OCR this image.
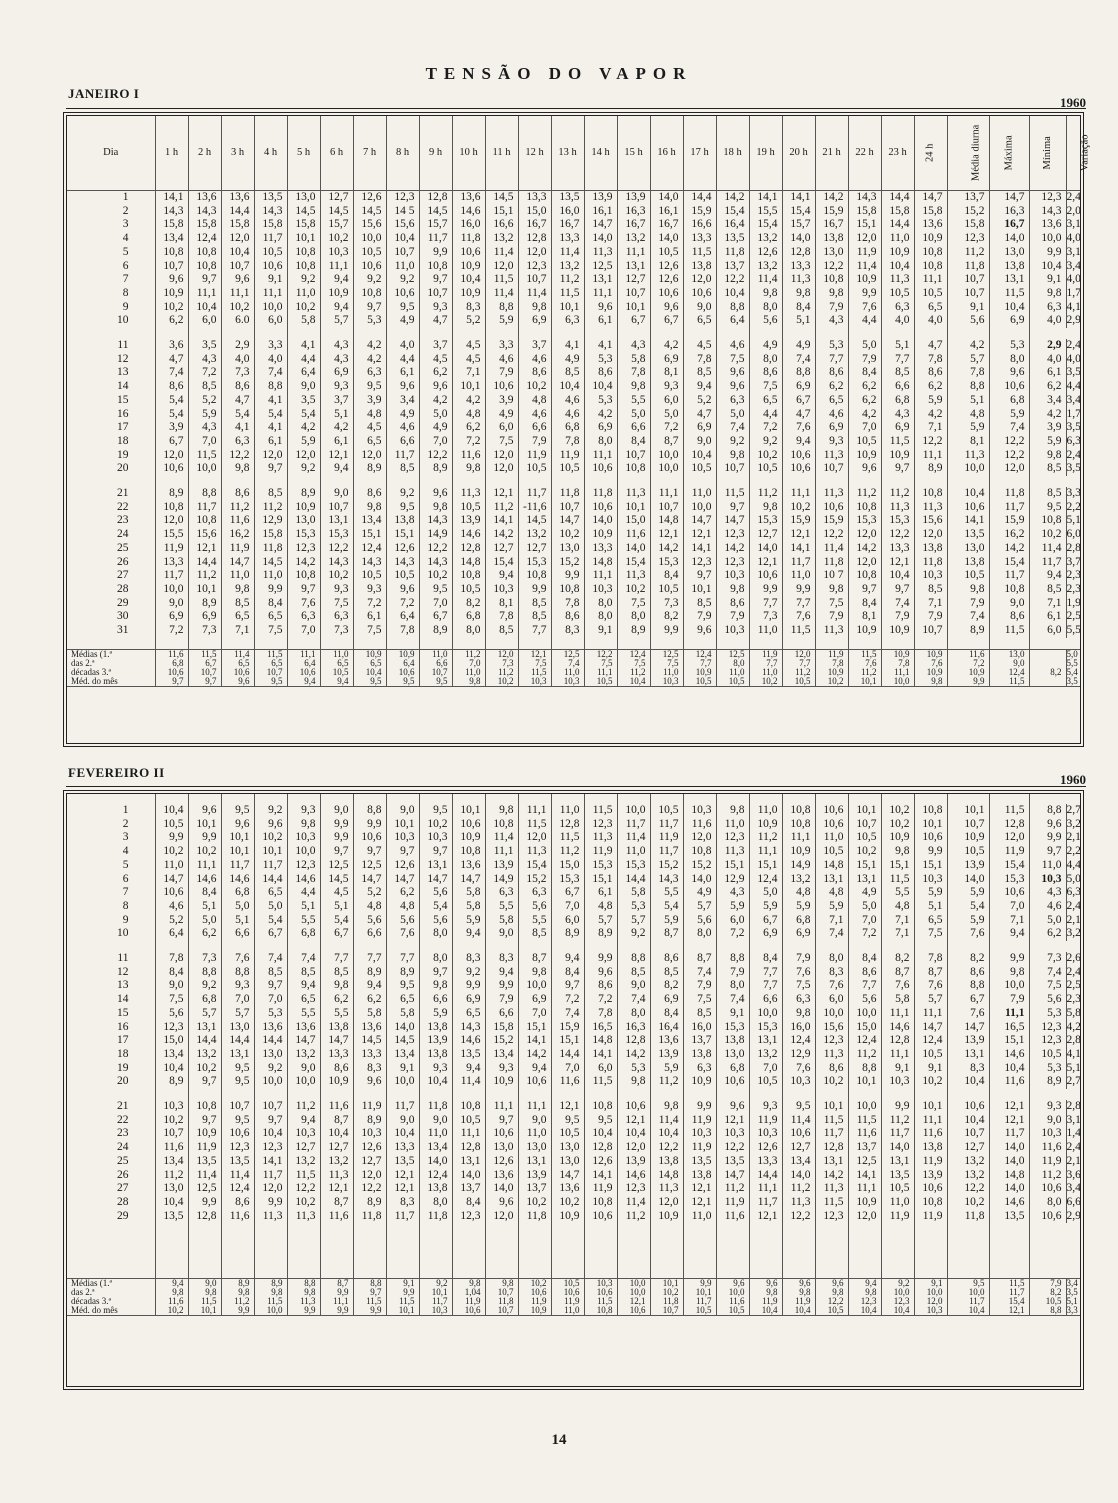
TENSÃO DO VAPOR
JANEIRO I
1960
Dia	1 h	2 h	3 h	4 h	5 h	6 h	7 h	8 h	9 h	10 h	11 h	12 h	13 h	14 h	15 h	16 h	17 h	18 h	19 h	20 h	21 h	22 h	23 h	24 h	Média diurna	Máxima	Mínima	Variação
1	14,1	13,6	13,6	13,5	13,0	12,7	12,6	12,3	12,8	13,6	14,5	13,3	13,5	13,9	13,9	14,0	14,4	14,2	14,1	14,1	14,2	14,3	14,4	14,7	13,7	14,7	12,3	2,4
2	14,3	14,3	14,4	14,3	14,5	14,5	14,5	14 5	14,5	14,6	15,1	15,0	16,0	16,1	16,3	16,1	15,9	15,4	15,5	15,4	15,9	15,8	15,8	15,8	15,2	16,3	14,3	2,0
3	15,8	15,8	15,8	15,8	15,8	15,7	15,6	15,6	15,7	16,0	16,6	16,7	16,7	14,7	16,7	16,7	16,6	16,4	15,4	15,7	16,7	15,1	14,4	13,6	15,8	16,7	13,6	3,1
4	13,4	12,4	12,0	11,7	10,1	10,2	10,0	10,4	11,7	11,8	13,2	12,8	13,3	14,0	13,2	14,0	13,3	13,5	13,2	14,0	13,8	12,0	11,0	10,9	12,3	14,0	10,0	4,0
5	10,8	10,8	10,4	10,5	10,8	10,3	10,5	10,7	9,9	10,6	11,4	12,0	11,4	11,3	11,1	10,5	11,5	11,8	12,6	12,8	13,0	11,9	10,9	10,8	11,2	13,0	9,9	3,1
6	10,7	10,8	10,7	10,6	10,8	11,1	10,6	11,0	10,8	10,9	12,0	12,3	13,2	12,5	13,1	12,6	13,8	13,7	13,2	13,3	12,2	11,4	10,4	10,8	11,8	13,8	10,4	3,4
7	9,6	9,7	9,6	9,1	9,2	9,4	9,2	9,2	9,7	10,4	11,5	10,7	11,2	13,1	12,7	12,6	12,0	12,2	11,4	11,3	10,8	10,9	11,3	11,1	10,7	13,1	9,1	4,0
8	10,9	11,1	11,1	11,1	11,0	10,9	10,8	10,6	10,7	10,9	11,4	11,4	11,5	11,1	10,7	10,6	10,6	10,4	9,8	9,8	9,8	9,9	10,5	10,5	10,7	11,5	9,8	1,7
9	10,2	10,4	10,2	10,0	10,2	9,4	9,7	9,5	9,3	8,3	8,8	9,8	10,1	9,6	10,1	9,6	9,0	8,8	8,0	8,4	7,9	7,6	6,3	6,5	9,1	10,4	6,3	4,1
10	6,2	6,0	6.0	6,0	5,8	5,7	5,3	4,9	4,7	5,2	5,9	6,9	6,3	6,1	6,7	6,7	6,5	6,4	5,6	5,1	4,3	4,4	4,0	4,0	5,6	6,9	4,0	2,9

11	3,6	3,5	2,9	3,3	4,1	4,3	4,2	4,0	3,7	4,5	3,3	3,7	4,1	4,1	4,3	4,2	4,5	4,6	4,9	4,9	5,3	5,0	5,1	4,7	4,2	5,3	2,9	2,4
12	4,7	4,3	4,0	4,0	4,4	4,3	4,2	4,4	4,5	4,5	4,6	4,6	4,9	5,3	5,8	6,9	7,8	7,5	8,0	7,4	7,7	7,9	7,7	7,8	5,7	8,0	4,0	4,0
13	7,4	7,2	7,3	7,4	6,4	6,9	6,3	6,1	6,2	7,1	7,9	8,6	8,5	8,6	7,8	8,1	8,5	9,6	8,6	8,8	8,6	8,4	8,5	8,6	7,8	9,6	6,1	3,5
14	8,6	8,5	8,6	8,8	9,0	9,3	9,5	9,6	9,6	10,1	10,6	10,2	10,4	10,4	9,8	9,3	9,4	9,6	7,5	6,9	6,2	6,2	6,6	6,2	8,8	10,6	6,2	4,4
15	5,4	5,2	4,7	4,1	3,5	3,7	3,9	3,4	4,2	4,2	3,9	4,8	4,6	5,3	5,5	6,0	5,2	6,3	6,5	6,7	6,5	6,2	6,8	5,9	5,1	6,8	3,4	3,4
16	5,4	5,9	5,4	5,4	5,4	5,1	4,8	4,9	5,0	4,8	4,9	4,6	4,6	4,2	5,0	5,0	4,7	5,0	4,4	4,7	4,6	4,2	4,3	4,2	4,8	5,9	4,2	1,7
17	3,9	4,3	4,1	4,1	4,2	4,2	4,5	4,6	4,9	6,2	6,0	6,6	6,8	6,9	6,6	7,2	6,9	7,4	7,2	7,6	6,9	7,0	6,9	7,1	5,9	7,4	3,9	3,5
18	6,7	7,0	6,3	6,1	5,9	6,1	6,5	6,6	7,0	7,2	7,5	7,9	7,8	8,0	8,4	8,7	9,0	9,2	9,2	9,4	9,3	10,5	11,5	12,2	8,1	12,2	5,9	6,3
19	12,0	11,5	12,2	12,0	12,0	12,1	12,0	11,7	12,2	11,6	12,0	11,9	11,9	11,1	10,7	10,0	10,4	9,8	10,2	10,6	11,3	10,9	10,9	11,1	11,3	12,2	9,8	2,4
20	10,6	10,0	9,8	9,7	9,2	9,4	8,9	8,5	8,9	9,8	12,0	10,5	10,5	10,6	10,8	10,0	10,5	10,7	10,5	10,6	10,7	9,6	9,7	8,9	10,0	12,0	8,5	3,5

21	8,9	8,8	8,6	8,5	8,9	9,0	8,6	9,2	9,6	11,3	12,1	11,7	11,8	11,8	11,3	11,1	11,0	11,5	11,2	11,1	11,3	11,2	11,2	10,8	10,4	11,8	8,5	3,3
22	10,8	11,7	11,2	11,2	10,9	10,7	9,8	9,5	9,8	10,5	11,2	-11,6	10,7	10,6	10,1	10,7	10,0	9,7	9,8	10,2	10,6	10,8	11,3	11,3	10,6	11,7	9,5	2,2
23	12,0	10,8	11,6	12,9	13,0	13,1	13,4	13,8	14,3	13,9	14,1	14,5	14,7	14,0	15,0	14,8	14,7	14,7	15,3	15,9	15,9	15,3	15,3	15,6	14,1	15,9	10,8	5,1
24	15,5	15,6	16,2	15,8	15,3	15,3	15,1	15,1	14,9	14,6	14,2	13,2	10,2	10,9	11,6	12,1	12,1	12,3	12,7	12,1	12,2	12,0	12,2	12,0	13,5	16,2	10,2	6,0
25	11,9	12,1	11,9	11,8	12,3	12,2	12,4	12,6	12,2	12,8	12,7	12,7	13,0	13,3	14,0	14,2	14,1	14,2	14,0	14,1	11,4	14,2	13,3	13,8	13,0	14,2	11,4	2,8
26	13,3	14,4	14,7	14,5	14,2	14,3	14,3	14,3	14,3	14,8	15,4	15,3	15,2	14,8	15,4	15,3	12,3	12,3	12,1	11,7	11,8	12,0	12,1	11,8	13,8	15,4	11,7	3,7
27	11,7	11,2	11,0	11,0	10,8	10,2	10,5	10,5	10,2	10,8	9,4	10,8	9,9	11,1	11,3	8,4	9,7	10,3	10,6	11,0	10 7	10,8	10,4	10,3	10,5	11,7	9,4	2,3
28	10,0	10,1	9,8	9,9	9,7	9,3	9,3	9,6	9,5	10,5	10,3	9,9	10,8	10,3	10,2	10,5	10,1	9,8	9,9	9,9	9,8	9,7	9,7	8,5	9,8	10,8	8,5	2,3
29	9,0	8,9	8,5	8,4	7,6	7,5	7,2	7,2	7,0	8,2	8,1	8,5	7,8	8,0	7,5	7,3	8,5	8,6	7,7	7,7	7,5	8,4	7,4	7,1	7,9	9,0	7,1	1,9
30	6,9	6,9	6,5	6,5	6,3	6,3	6,1	6,4	6,7	6,8	7,8	8,5	8,6	8,0	8,0	8,2	7,9	7,9	7,3	7,6	7,9	8,1	7,9	7,9	7,4	8,6	6,1	2,5
31	7,2	7,3	7,1	7,5	7,0	7,3	7,5	7,8	8,9	8,0	8,5	7,7	8,3	9,1	8,9	9,9	9,6	10,3	11,0	11,5	11,3	10,9	10,9	10,7	8,9	11,5	6,0	5,5

Médias (1.ª	11,6	11,5	11,4	11,5	11,1	11,0	10,9	10,9	11,0	11,2	12,0	12,1	12,5	12,2	12,4	12,5	12,4	12,5	11,9	12,0	11,9	11,5	10,9	10,9	11,6	13,0		5,0
das 2.ª	6,8	6,7	6,5	6,5	6,4	6,5	6,5	6,4	6,6	7,0	7,3	7,5	7,4	7,5	7,5	7,5	7,7	8,0	7,7	7,7	7,8	7,6	7,8	7,6	7,2	9,0		5,5
décadas 3.ª	10,6	10,7	10,6	10,7	10,6	10,5	10,4	10,6	10,7	11,0	11,2	11,5	11,0	11,1	11,2	11,0	10,9	11,0	11,0	11,2	10,9	11,2	11,1	10,9	10,9	12,4	8,2	5,4
Méd. do mês	9,7	9,7	9,6	9,5	9,4	9,4	9,5	9,5	9,5	9,8	10,2	10,3	10,3	10,5	10,4	10,3	10,5	10,5	10,2	10,5	10,2	10,1	10,0	9,8	9,9	11,5		3,5
FEVEREIRO II	1960

1	10,4	9,6	9,5	9,2	9,3	9,0	8,8	9,0	9,5	10,1	9,8	11,1	11,0	11,5	10,0	10,5	10,3	9,8	11,0	10,8	10,6	10,1	10,2	10,8	10,1	11,5	8,8	2,7
2	10,5	10,1	9,6	9,6	9,8	9,9	9,9	10,1	10,2	10,6	10,8	11,5	12,8	12,3	11,7	11,7	11,6	11,0	10,9	10,8	10,6	10,7	10,2	10,1	10,7	12,8	9,6	3,2
3	9,9	9,9	10,1	10,2	10,3	9,9	10,6	10,3	10,3	10,9	11,4	12,0	11,5	11,3	11,4	11,9	12,0	12,3	11,2	11,1	11,0	10,5	10,9	10,6	10,9	12,0	9,9	2,1
4	10,2	10,2	10,1	10,1	10,0	9,7	9,7	9,7	9,7	10,8	11,1	11,3	11,2	11,9	11,0	11,7	10,8	11,3	11,1	10,9	10,5	10,2	9,8	9,9	10,5	11,9	9,7	2,2
5	11,0	11,1	11,7	11,7	12,3	12,5	12,5	12,6	13,1	13,6	13,9	15,4	15,0	15,3	15,3	15,2	15,2	15,1	15,1	14,9	14,8	15,1	15,1	15,1	13,9	15,4	11,0	4,4
6	14,7	14,6	14,6	14,4	14,6	14,5	14,7	14,7	14,7	14,7	14,9	15,2	15,3	15,1	14,4	14,3	14,0	12,9	12,4	13,2	13,1	13,1	11,5	10,3	14,0	15,3	10,3	5,0
7	10,6	8,4	6,8	6,5	4,4	4,5	5,2	6,2	5,6	5,8	6,3	6,3	6,7	6,1	5,8	5,5	4,9	4,3	5,0	4,8	4,8	4,9	5,5	5,9	5,9	10,6	4,3	6,3
8	4,6	5,1	5,0	5,0	5,1	5,1	4,8	4,8	5,4	5,8	5,5	5,6	7,0	4,8	5,3	5,4	5,7	5,9	5,9	5,9	5,9	5,0	4,8	5,1	5,4	7,0	4,6	2,4
9	5,2	5,0	5,1	5,4	5,5	5,4	5,6	5,6	5,6	5,9	5,8	5,5	6,0	5,7	5,7	5,9	5,6	6,0	6,7	6,8	7,1	7,0	7,1	6,5	5,9	7,1	5,0	2,1
10	6,4	6,2	6,6	6,7	6,8	6,7	6,6	7,6	8,0	9,4	9,0	8,5	8,9	8,9	9,2	8,7	8,0	7,2	6,9	6,9	7,4	7,2	7,1	7,5	7,6	9,4	6,2	3,2

11	7,8	7,3	7,6	7,4	7,4	7,7	7,7	7,7	8,0	8,3	8,3	8,7	9,4	9,9	8,8	8,6	8,7	8,8	8,4	7,9	8,0	8,4	8,2	7,8	8,2	9,9	7,3	2,6
12	8,4	8,8	8,8	8,5	8,5	8,5	8,9	8,9	9,7	9,2	9,4	9,8	8,4	9,6	8,5	8,5	7,4	7,9	7,7	7,6	8,3	8,6	8,7	8,7	8,6	9,8	7,4	2,4
13	9,0	9,2	9,3	9,7	9,4	9,8	9,4	9,5	9,8	9,9	9,9	10,0	9,7	8,6	9,0	8,2	7,9	8,0	7,7	7,5	7,6	7,7	7,6	7,6	8,8	10,0	7,5	2,5
14	7,5	6,8	7,0	7,0	6,5	6,2	6,2	6,5	6,6	6,9	7,9	6,9	7,2	7,2	7,4	6,9	7,5	7,4	6,6	6,3	6,0	5,6	5,8	5,7	6,7	7,9	5,6	2,3
15	5,6	5,7	5,7	5,3	5,5	5,5	5,8	5,8	5,9	6,5	6,6	7,0	7,4	7,8	8,0	8,4	8,5	9,1	10,0	9,8	10,0	10,0	11,1	11,1	7,6	11,1	5,3	5,8
16	12,3	13,1	13,0	13,6	13,6	13,8	13,6	14,0	13,8	14,3	15,8	15,1	15,9	16,5	16,3	16,4	16,0	15,3	15,3	16,0	15,6	15,0	14,6	14,7	14,7	16,5	12,3	4,2
17	15,0	14,4	14,4	14,4	14,7	14,7	14,5	14,5	13,9	14,6	15,2	14,1	15,1	14,8	12,8	13,6	13,7	13,8	13,1	12,4	12,3	12,4	12,8	12,4	13,9	15,1	12,3	2,8
18	13,4	13,2	13,1	13,0	13,2	13,3	13,3	13,4	13,8	13,5	13,4	14,2	14,4	14,1	14,2	13,9	13,8	13,0	13,2	12,9	11,3	11,2	11,1	10,5	13,1	14,6	10,5	4,1
19	10,4	10,2	9,5	9,2	9,0	8,6	8,3	9,1	9,3	9,4	9,3	9,4	7,0	6,0	5,3	5,9	6,3	6,8	7,0	7,6	8,6	8,8	9,1	9,1	8,3	10,4	5,3	5,1
20	8,9	9,7	9,5	10,0	10,0	10,9	9,6	10,0	10,4	11,4	10,9	10,6	11,6	11,5	9,8	11,2	10,9	10,6	10,5	10,3	10,2	10,1	10,3	10,2	10,4	11,6	8,9	2,7

21	10,3	10,8	10,7	10,7	11,2	11,6	11,9	11,7	11,8	10,8	11,1	11,1	12,1	10,8	10,6	9,8	9,9	9,6	9,3	9,5	10,1	10,0	9,9	10,1	10,6	12,1	9,3	2,8
22	10,2	9,7	9,5	9,7	9,4	8,7	8,9	9,0	9,0	10,5	9,7	9,0	9,5	9,5	12,1	11,4	11,9	12,1	11,9	11,4	11,5	11,5	11,2	11,1	10,4	12,1	9,0	3,1
23	10,7	10,9	10,6	10,4	10,3	10,4	10,3	10,4	11,0	11,1	10,6	11,0	10,5	10,4	10,4	10,4	10,3	10,3	10,3	10,6	11,7	11,6	11,7	11,6	10,7	11,7	10,3	1,4
24	11,6	11,9	12,3	12,3	12,7	12,7	12,6	13,3	13,4	12,8	13,0	13,0	13,0	12,8	12,0	12,2	11,9	12,2	12,6	12,7	12,8	13,7	14,0	13,8	12,7	14,0	11,6	2,4
25	13,4	13,5	13,5	14,1	13,2	13,2	12,7	13,5	14,0	13,1	12,6	13,1	13,0	12,6	13,9	13,8	13,5	13,5	13,3	13,4	13,1	12,5	13,1	11,9	13,2	14,0	11,9	2,1
26	11,2	11,4	11,4	11,7	11,5	11,3	12,0	12,1	12,4	14,0	13,6	13,9	14,7	14,1	14,6	14,8	13,8	14,7	14,4	14,0	14,2	14,1	13,5	13,9	13,2	14,8	11,2	3,6
27	13,0	12,5	12,4	12,0	12,2	12,1	12,2	12,1	13,8	13,7	14,0	13,7	13,6	11,9	12,3	11,3	12,1	11,2	11,1	11,2	11,3	11,1	10,5	10,6	12,2	14,0	10,6	3,4
28	10,4	9,9	8,6	9,9	10,2	8,7	8,9	8,3	8,0	8,4	9,6	10,2	10,2	10,8	11,4	12,0	12,1	11,9	11,7	11,3	11,5	10,9	11,0	10,8	10,2	14,6	8,0	6,6
29	13,5	12,8	11,6	11,3	11,3	11,6	11,8	11,7	11,8	12,3	12,0	11,8	10,9	10,6	11,2	10,9	11,0	11,6	12,1	12,2	12,3	12,0	11,9	11,9	11,8	13,5	10,6	2,9

Médias (1.ª	9,4	9,0	8,9	8,9	8,8	8,7	8,8	9,1	9,2	9,8	9,8	10,2	10,5	10,3	10,0	10,1	9,9	9,6	9,6	9,6	9,6	9,4	9,2	9,1	9,5	11,5	7,9	3,4
das 2.ª	9,8	9,8	9,8	9,8	9,8	9,9	9,7	9,9	10,1	1,04	10,7	10,6	10,6	10,6	10,0	10,2	10,1	10,0	9,8	9,8	9,8	9,8	10,0	10,0	10,0	11,7	8,2	3,5
décadas 3.ª	11,6	11,5	11,2	11,5	11,3	11,1	11,5	11,5	11,7	11,9	11,8	11,9	11,9	11,5	12,1	11,8	11,7	11,6	11,9	11,9	12,2	12,3	12,3	12,0	11,7	15,4	10,5	5,1
Méd. do mês	10,2	10,1	9,9	10,0	9,9	9,9	9,9	10,1	10,3	10,6	10,7	10,9	11,0	10,8	10,6	10,7	10,5	10,5	10,4	10,4	10,5	10,4	10,4	10,3	10,4	12,1	8,8	3,3
14
